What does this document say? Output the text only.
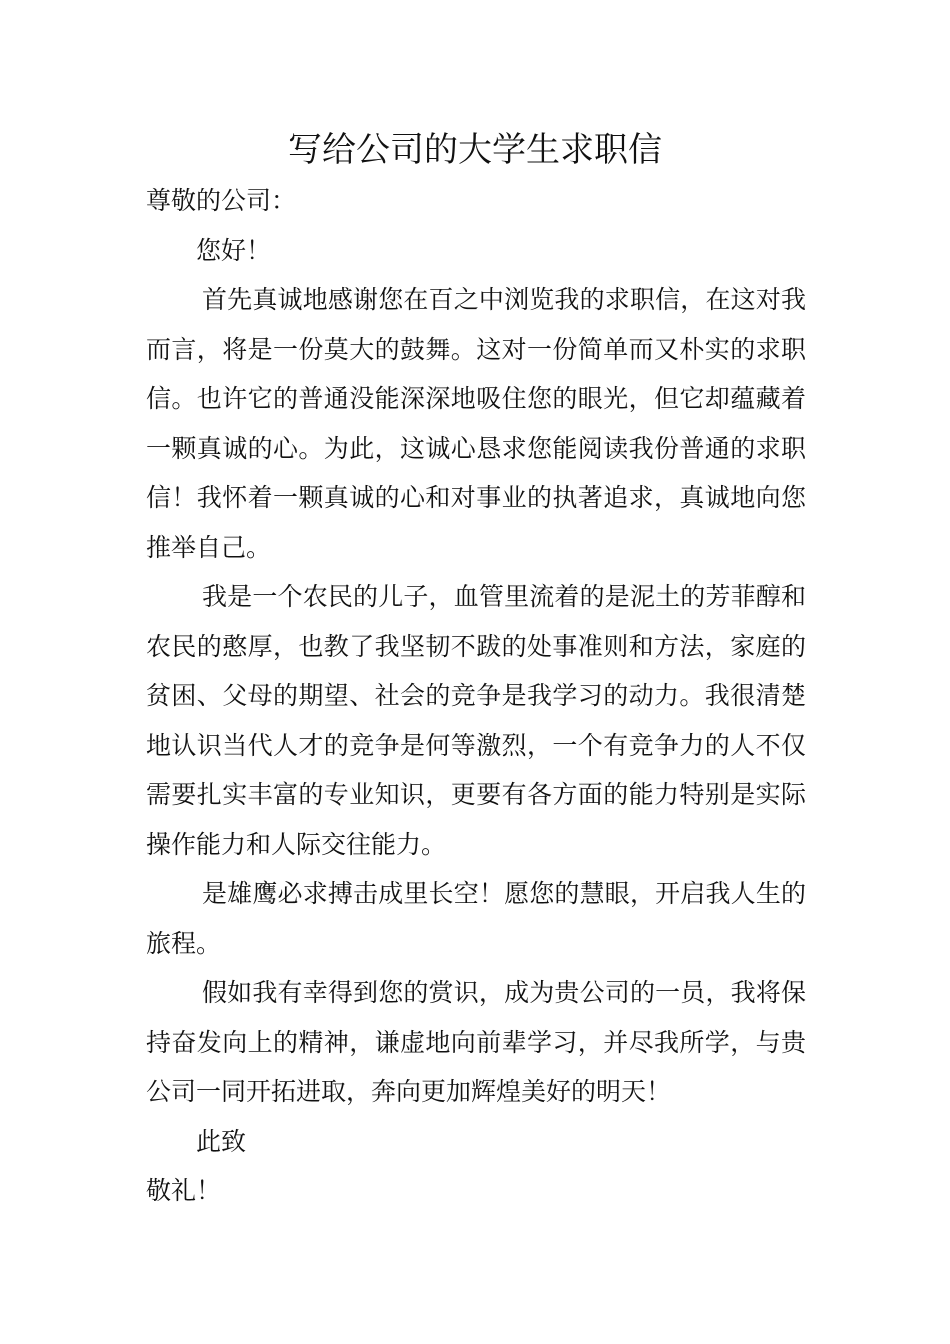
写给公司的大学生求职信

尊敬的公司：

您好！

首先真诚地感谢您在百之中浏览我的求职信，在这对我而言，将是一份莫大的鼓舞。这对一份简单而又朴实的求职信。也许它的普通没能深深地吸住您的眼光，但它却蕴藏着一颗真诚的心。为此，这诚心恳求您能阅读我份普通的求职信！我怀着一颗真诚的心和对事业的执著追求，真诚地向您推举自己。

我是一个农民的儿子，血管里流着的是泥土的芳菲醇和农民的憨厚，也教了我坚韧不跋的处事准则和方法，家庭的贫困、父母的期望、社会的竞争是我学习的动力。我很清楚地认识当代人才的竞争是何等激烈，一个有竞争力的人不仅需要扎实丰富的专业知识，更要有各方面的能力特别是实际操作能力和人际交往能力。

是雄鹰必求搏击成里长空！愿您的慧眼，开启我人生的旅程。

假如我有幸得到您的赏识，成为贵公司的一员，我将保持奋发向上的精神，谦虚地向前辈学习，并尽我所学，与贵公司一同开拓进取，奔向更加辉煌美好的明天！

此致

敬礼！
